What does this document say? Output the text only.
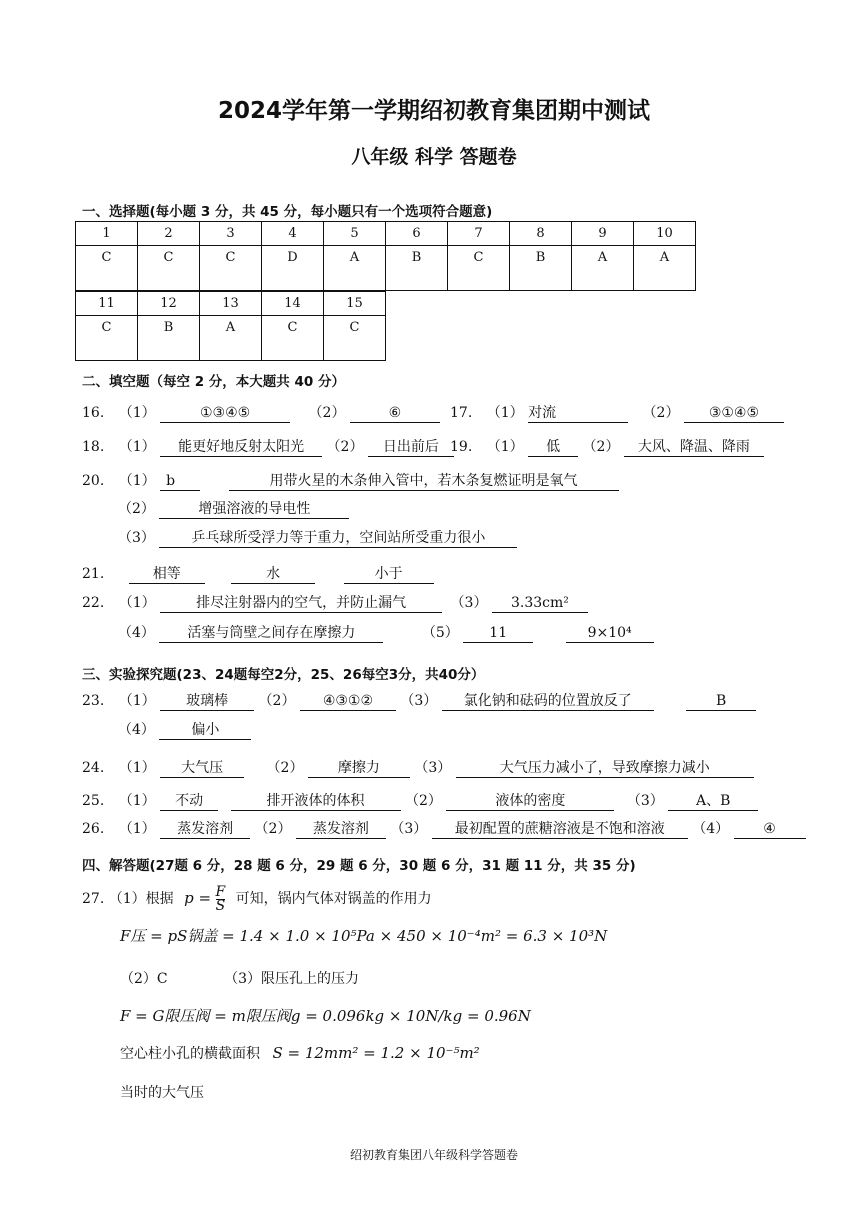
2024学年第一学期绍初教育集团期中测试
八年级 科学 答题卷
一、选择题(每小题 3 分，共 45 分，每小题只有一个选项符合题意)
1	2	3	4	5	6	7	8	9	10
C	C	C	D	A	B	C	B	A	A
11	12	13	14	15
C	B	A	C	C
二、填空题（每空 2 分，本大题共 40 分）
16. （1）	①③④⑤	（2）	⑥	17. （1） 对流	（2） ③①④⑤
18. （1） 能更好地反射太阳光 （2） 日出前后 19. （1） 低 （2） 大风、降温、降雨
20. （1） b	用带火星的木条伸入管中，若木条复燃证明是氧气
（2）	增强溶液的导电性
（3）	乒乓球所受浮力等于重力，空间站所受重力很小
21.	相等	水	小于
22. （1）	排尽注射器内的空气，并防止漏气	（3） 3.33cm²
（4） 活塞与筒壁之间存在摩擦力	（5） 11	9×10⁴
三、实验探究题(23、24题每空2分，25、26每空3分，共40分）
23. （1） 玻璃棒 （2） ④③①② （3） 氯化钠和砝码的位置放反了	B
（4）	偏小
24. （1） 大气压	（2） 摩擦力 （3）	大气压力减小了，导致摩擦力减小
25. （1） 不动	排开液体的体积	（2）	液体的密度	（3） A、B
26. （1） 蒸发溶剂 （2） 蒸发溶剂 （3） 最初配置的蔗糖溶液是不饱和溶液 （4） ④
四、解答题(27题 6 分，28 题 6 分，29 题 6 分，30 题 6 分，31 题 11 分，共 35 分)
27. （1）根据 $p = \frac{F}{S}$ 可知，锅内气体对锅盖的作用力
F压 = pS锅盖 = 1.4 × 1.0 × 10⁵Pa × 450 × 10⁻⁴m² = 6.3 × 10³N
（2）C	（3）限压孔上的压力
F = G限压阀 = m限压阀g = 0.096kg × 10N/kg = 0.96N
空心柱小孔的横截面积 S = 12mm² = 1.2 × 10⁻⁵m²
当时的大气压
绍初教育集团八年级科学答题卷
